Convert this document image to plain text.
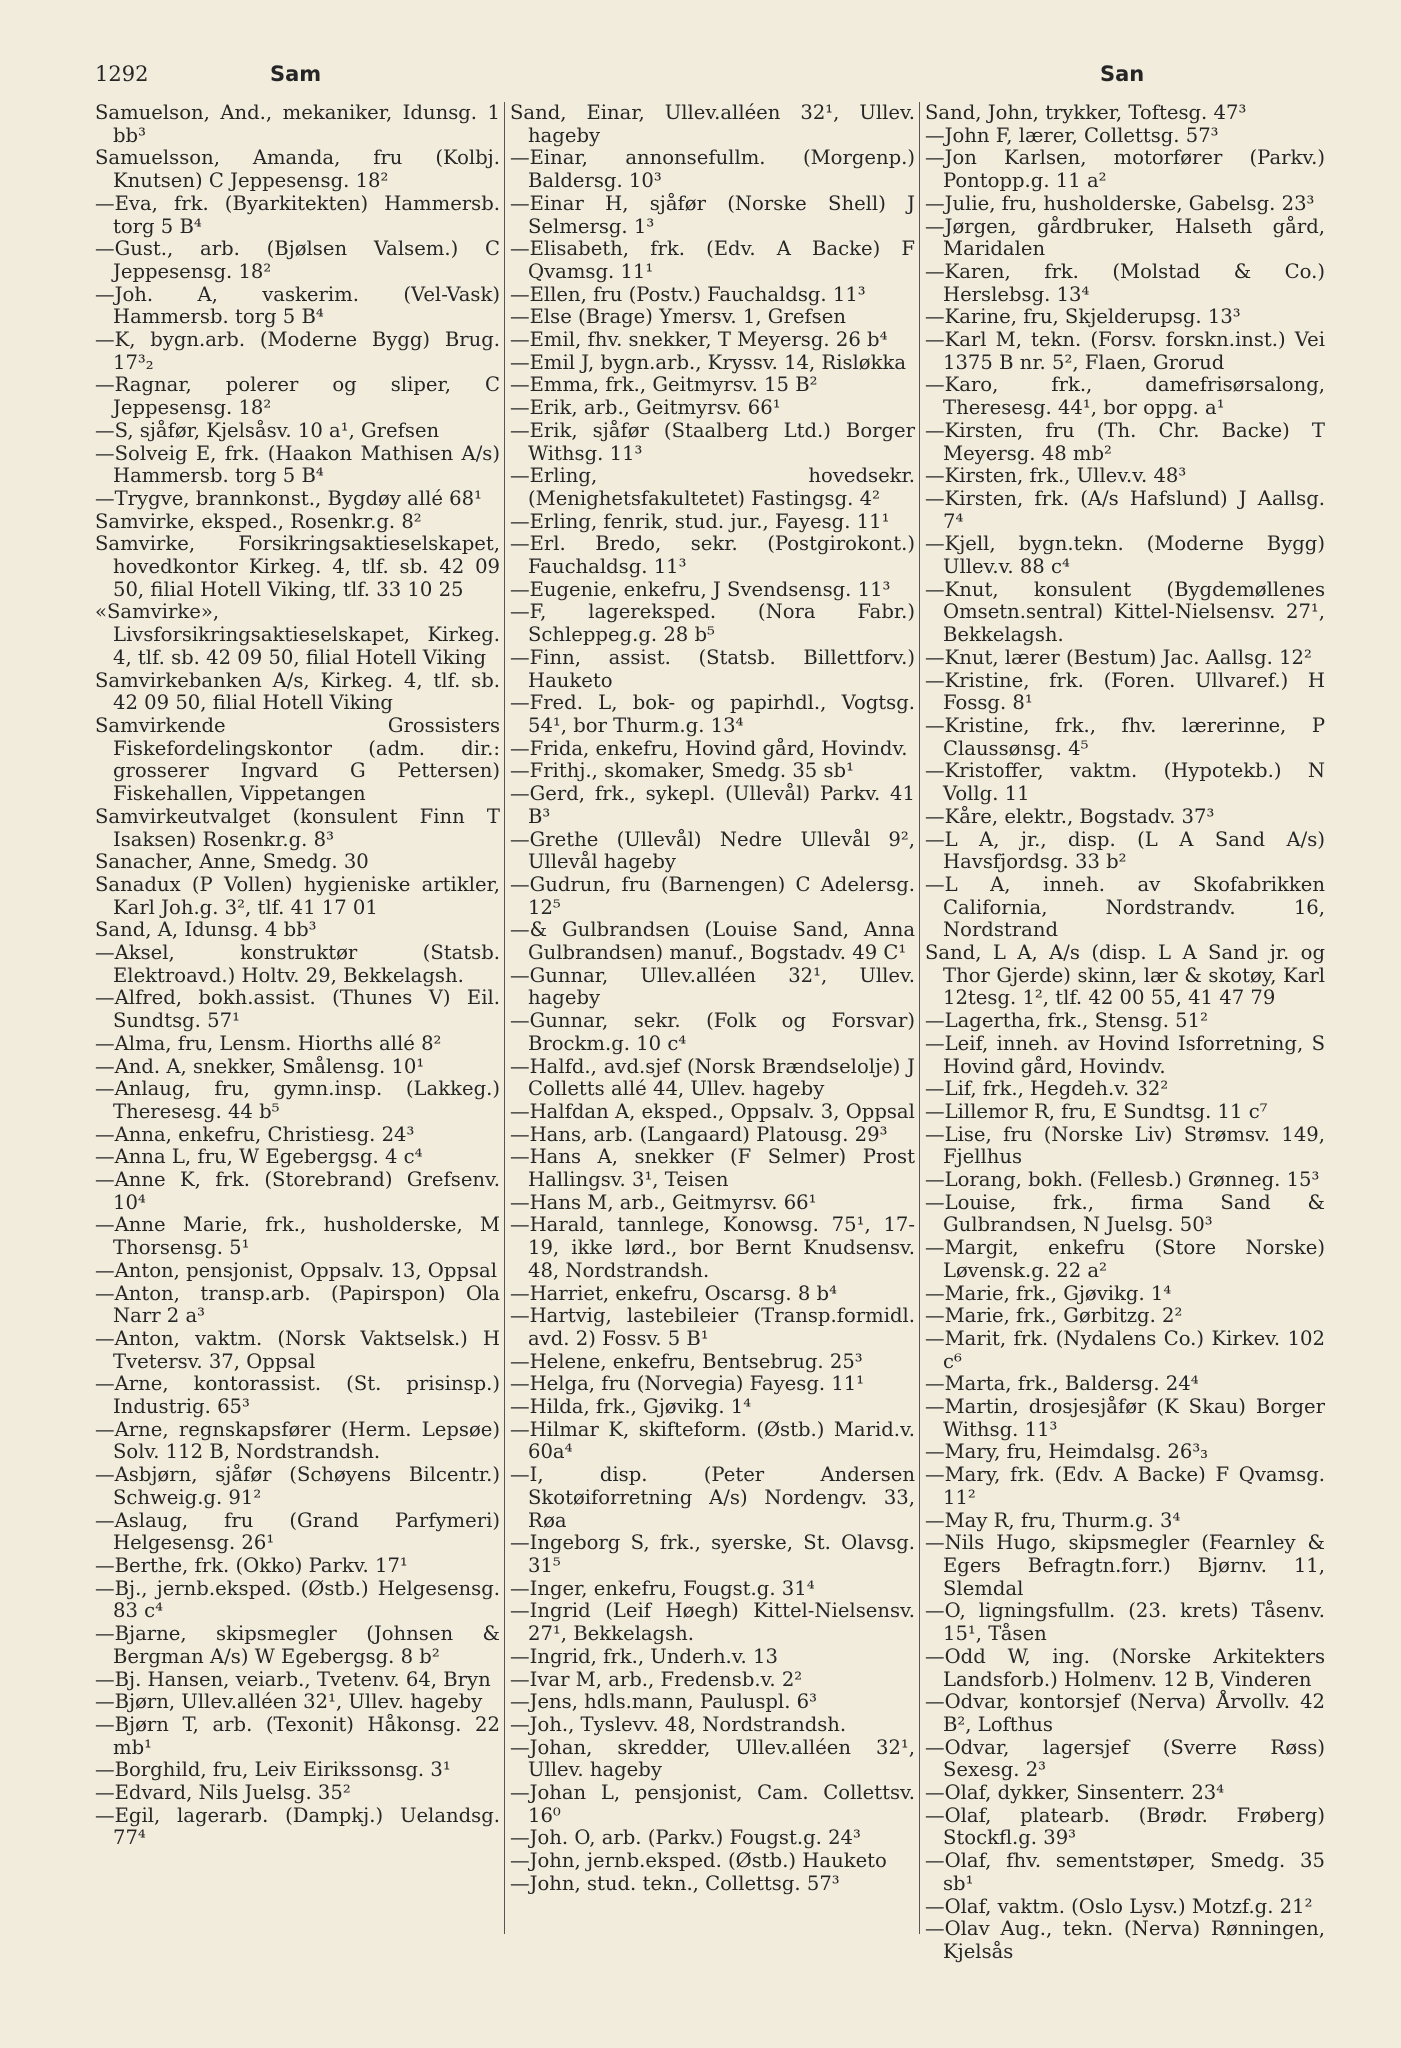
1292	Sam	San

Samuelson, And., mekaniker, Idunsg. 1 bb³

Samuelsson, Amanda, fru (Kolbj. Knutsen) C Jeppesensg. 18²

—Eva, frk. (Byarkitekten) Hammersb. torg 5 B⁴

—Gust., arb. (Bjølsen Valsem.) C Jeppesensg. 18²

—Joh. A, vaskerim. (Vel-Vask) Hammersb. torg 5 B⁴

—K, bygn.arb. (Moderne Bygg) Brug. 17³₂

—Ragnar, polerer og sliper, C Jeppesensg. 18²

—S, sjåfør, Kjelsåsv. 10 a¹, Grefsen

—Solveig E, frk. (Haakon Mathisen A/s) Hammersb. torg 5 B⁴

—Trygve, brannkonst., Bygdøy allé 68¹

Samvirke, eksped., Rosenkr.g. 8²

Samvirke, Forsikringsaktieselskapet, hovedkontor Kirkeg. 4, tlf. sb. 42 09 50, filial Hotell Viking, tlf. 33 10 25

«Samvirke», Livsforsikringsaktieselskapet, Kirkeg. 4, tlf. sb. 42 09 50, filial Hotell Viking

Samvirkebanken A/s, Kirkeg. 4, tlf. sb. 42 09 50, filial Hotell Viking

Samvirkende Grossisters Fiskefordelingskontor (adm. dir.: grosserer Ingvard G Pettersen) Fiskehallen, Vippetangen

Samvirkeutvalget (konsulent Finn T Isaksen) Rosenkr.g. 8³

Sanacher, Anne, Smedg. 30

Sanadux (P Vollen) hygieniske artikler, Karl Joh.g. 3², tlf. 41 17 01

Sand, A, Idunsg. 4 bb³

—Aksel, konstruktør (Statsb. Elektroavd.) Holtv. 29, Bekkelagsh.

—Alfred, bokh.assist. (Thunes V) Eil. Sundtsg. 57¹

—Alma, fru, Lensm. Hiorths allé 8²

—And. A, snekker, Smålensg. 10¹

—Anlaug, fru, gymn.insp. (Lakkeg.) Theresesg. 44 b⁵

—Anna, enkefru, Christiesg. 24³

—Anna L, fru, W Egebergsg. 4 c⁴

—Anne K, frk. (Storebrand) Grefsenv. 10⁴

—Anne Marie, frk., husholderske, M Thorsensg. 5¹

—Anton, pensjonist, Oppsalv. 13, Oppsal

—Anton, transp.arb. (Papirspon) Ola Narr 2 a³

—Anton, vaktm. (Norsk Vaktselsk.) H Tvetersv. 37, Oppsal

—Arne, kontorassist. (St. prisinsp.) Industrig. 65³

—Arne, regnskapsfører (Herm. Lepsøe) Solv. 112 B, Nordstrandsh.

—Asbjørn, sjåfør (Schøyens Bilcentr.) Schweig.g. 91²

—Aslaug, fru (Grand Parfymeri) Helgesensg. 26¹

—Berthe, frk. (Okko) Parkv. 17¹

—Bj., jernb.eksped. (Østb.) Helgesensg. 83 c⁴

—Bjarne, skipsmegler (Johnsen & Bergman A/s) W Egebergsg. 8 b²

—Bj. Hansen, veiarb., Tvetenv. 64, Bryn

—Bjørn, Ullev.alléen 32¹, Ullev. hageby

—Bjørn T, arb. (Texonit) Håkonsg. 22 mb¹

—Borghild, fru, Leiv Eirikssonsg. 3¹

—Edvard, Nils Juelsg. 35²

—Egil, lagerarb. (Dampkj.) Uelandsg. 77⁴

Sand, Einar, Ullev.alléen 32¹, Ullev. hageby

—Einar, annonsefullm. (Morgenp.) Baldersg. 10³

—Einar H, sjåfør (Norske Shell) J Selmersg. 1³

—Elisabeth, frk. (Edv. A Backe) F Qvamsg. 11¹

—Ellen, fru (Postv.) Fauchaldsg. 11³

—Else (Brage) Ymersv. 1, Grefsen

—Emil, fhv. snekker, T Meyersg. 26 b⁴

—Emil J, bygn.arb., Kryssv. 14, Risløkka

—Emma, frk., Geitmyrsv. 15 B²

—Erik, arb., Geitmyrsv. 66¹

—Erik, sjåfør (Staalberg Ltd.) Borger Withsg. 11³

—Erling, hovedsekr. (Menighetsfakultetet) Fastingsg. 4²

—Erling, fenrik, stud. jur., Fayesg. 11¹

—Erl. Bredo, sekr. (Postgirokont.) Fauchaldsg. 11³

—Eugenie, enkefru, J Svendsensg. 11³

—F, lagereksped. (Nora Fabr.) Schleppeg.g. 28 b⁵

—Finn, assist. (Statsb. Billettforv.) Hauketo

—Fred. L, bok- og papirhdl., Vogtsg. 54¹, bor Thurm.g. 13⁴

—Frida, enkefru, Hovind gård, Hovindv.

—Frithj., skomaker, Smedg. 35 sb¹

—Gerd, frk., sykepl. (Ullevål) Parkv. 41 B³

—Grethe (Ullevål) Nedre Ullevål 9², Ullevål hageby

—Gudrun, fru (Barnengen) C Adelersg. 12⁵

—& Gulbrandsen (Louise Sand, Anna Gulbrandsen) manuf., Bogstadv. 49 C¹

—Gunnar, Ullev.alléen 32¹, Ullev. hageby

—Gunnar, sekr. (Folk og Forsvar) Brockm.g. 10 c⁴

—Halfd., avd.sjef (Norsk Brændselolje) J Colletts allé 44, Ullev. hageby

—Halfdan A, eksped., Oppsalv. 3, Oppsal

—Hans, arb. (Langaard) Platousg. 29³

—Hans A, snekker (F Selmer) Prost Hallingsv. 3¹, Teisen

—Hans M, arb., Geitmyrsv. 66¹

—Harald, tannlege, Konowsg. 75¹, 17-19, ikke lørd., bor Bernt Knudsensv. 48, Nordstrandsh.

—Harriet, enkefru, Oscarsg. 8 b⁴

—Hartvig, lastebileier (Transp.formidl. avd. 2) Fossv. 5 B¹

—Helene, enkefru, Bentsebrug. 25³

—Helga, fru (Norvegia) Fayesg. 11¹

—Hilda, frk., Gjøvikg. 1⁴

—Hilmar K, skifteform. (Østb.) Marid.v. 60a⁴

—I, disp. (Peter Andersen Skotøiforretning A/s) Nordengv. 33, Røa

—Ingeborg S, frk., syerske, St. Olavsg. 31⁵

—Inger, enkefru, Fougst.g. 31⁴

—Ingrid (Leif Høegh) Kittel-Nielsensv. 27¹, Bekkelagsh.

—Ingrid, frk., Underh.v. 13

—Ivar M, arb., Fredensb.v. 2²

—Jens, hdls.mann, Pauluspl. 6³

—Joh., Tyslevv. 48, Nordstrandsh.

—Johan, skredder, Ullev.alléen 32¹, Ullev. hageby

—Johan L, pensjonist, Cam. Collettsv. 16⁰

—Joh. O, arb. (Parkv.) Fougst.g. 24³

—John, jernb.eksped. (Østb.) Hauketo

—John, stud. tekn., Collettsg. 57³

Sand, John, trykker, Toftesg. 47³

—John F, lærer, Collettsg. 57³

—Jon Karlsen, motorfører (Parkv.) Pontopp.g. 11 a²

—Julie, fru, husholderske, Gabelsg. 23³

—Jørgen, gårdbruker, Halseth gård, Maridalen

—Karen, frk. (Molstad & Co.) Herslebsg. 13⁴

—Karine, fru, Skjelderupsg. 13³

—Karl M, tekn. (Forsv. forskn.inst.) Vei 1375 B nr. 5², Flaen, Grorud

—Karo, frk., damefrisørsalong, Theresesg. 44¹, bor oppg. a¹

—Kirsten, fru (Th. Chr. Backe) T Meyersg. 48 mb²

—Kirsten, frk., Ullev.v. 48³

—Kirsten, frk. (A/s Hafslund) J Aallsg. 7⁴

—Kjell, bygn.tekn. (Moderne Bygg) Ullev.v. 88 c⁴

—Knut, konsulent (Bygdemøllenes Omsetn.sentral) Kittel-Nielsensv. 27¹, Bekkelagsh.

—Knut, lærer (Bestum) Jac. Aallsg. 12²

—Kristine, frk. (Foren. Ullvaref.) H Fossg. 8¹

—Kristine, frk., fhv. lærerinne, P Claussønsg. 4⁵

—Kristoffer, vaktm. (Hypotekb.) N Vollg. 11

—Kåre, elektr., Bogstadv. 37³

—L A, jr., disp. (L A Sand A/s) Havsfjordsg. 33 b²

—L A, inneh. av Skofabrikken California, Nordstrandv. 16, Nordstrand

Sand, L A, A/s (disp. L A Sand jr. og Thor Gjerde) skinn, lær & skotøy, Karl 12tesg. 1², tlf. 42 00 55, 41 47 79

—Lagertha, frk., Stensg. 51²

—Leif, inneh. av Hovind Isforretning, S Hovind gård, Hovindv.

—Lif, frk., Hegdeh.v. 32²

—Lillemor R, fru, E Sundtsg. 11 c⁷

—Lise, fru (Norske Liv) Strømsv. 149, Fjellhus

—Lorang, bokh. (Fellesb.) Grønneg. 15³

—Louise, frk., firma Sand & Gulbrandsen, N Juelsg. 50³

—Margit, enkefru (Store Norske) Løvensk.g. 22 a²

—Marie, frk., Gjøvikg. 1⁴

—Marie, frk., Gørbitzg. 2²

—Marit, frk. (Nydalens Co.) Kirkev. 102 c⁶

—Marta, frk., Baldersg. 24⁴

—Martin, drosjesjåfør (K Skau) Borger Withsg. 11³

—Mary, fru, Heimdalsg. 26³₃

—Mary, frk. (Edv. A Backe) F Qvamsg. 11²

—May R, fru, Thurm.g. 3⁴

—Nils Hugo, skipsmegler (Fearnley & Egers Befragtn.forr.) Bjørnv. 11, Slemdal

—O, ligningsfullm. (23. krets) Tåsenv. 15¹, Tåsen

—Odd W, ing. (Norske Arkitekters Landsforb.) Holmenv. 12 B, Vinderen

—Odvar, kontorsjef (Nerva) Årvollv. 42 B², Lofthus

—Odvar, lagersjef (Sverre Røss) Sexesg. 2³

—Olaf, dykker, Sinsenterr. 23⁴

—Olaf, platearb. (Brødr. Frøberg) Stockfl.g. 39³

—Olaf, fhv. sementstøper, Smedg. 35 sb¹

—Olaf, vaktm. (Oslo Lysv.) Motzf.g. 21²

—Olav Aug., tekn. (Nerva) Rønningen, Kjelsås
